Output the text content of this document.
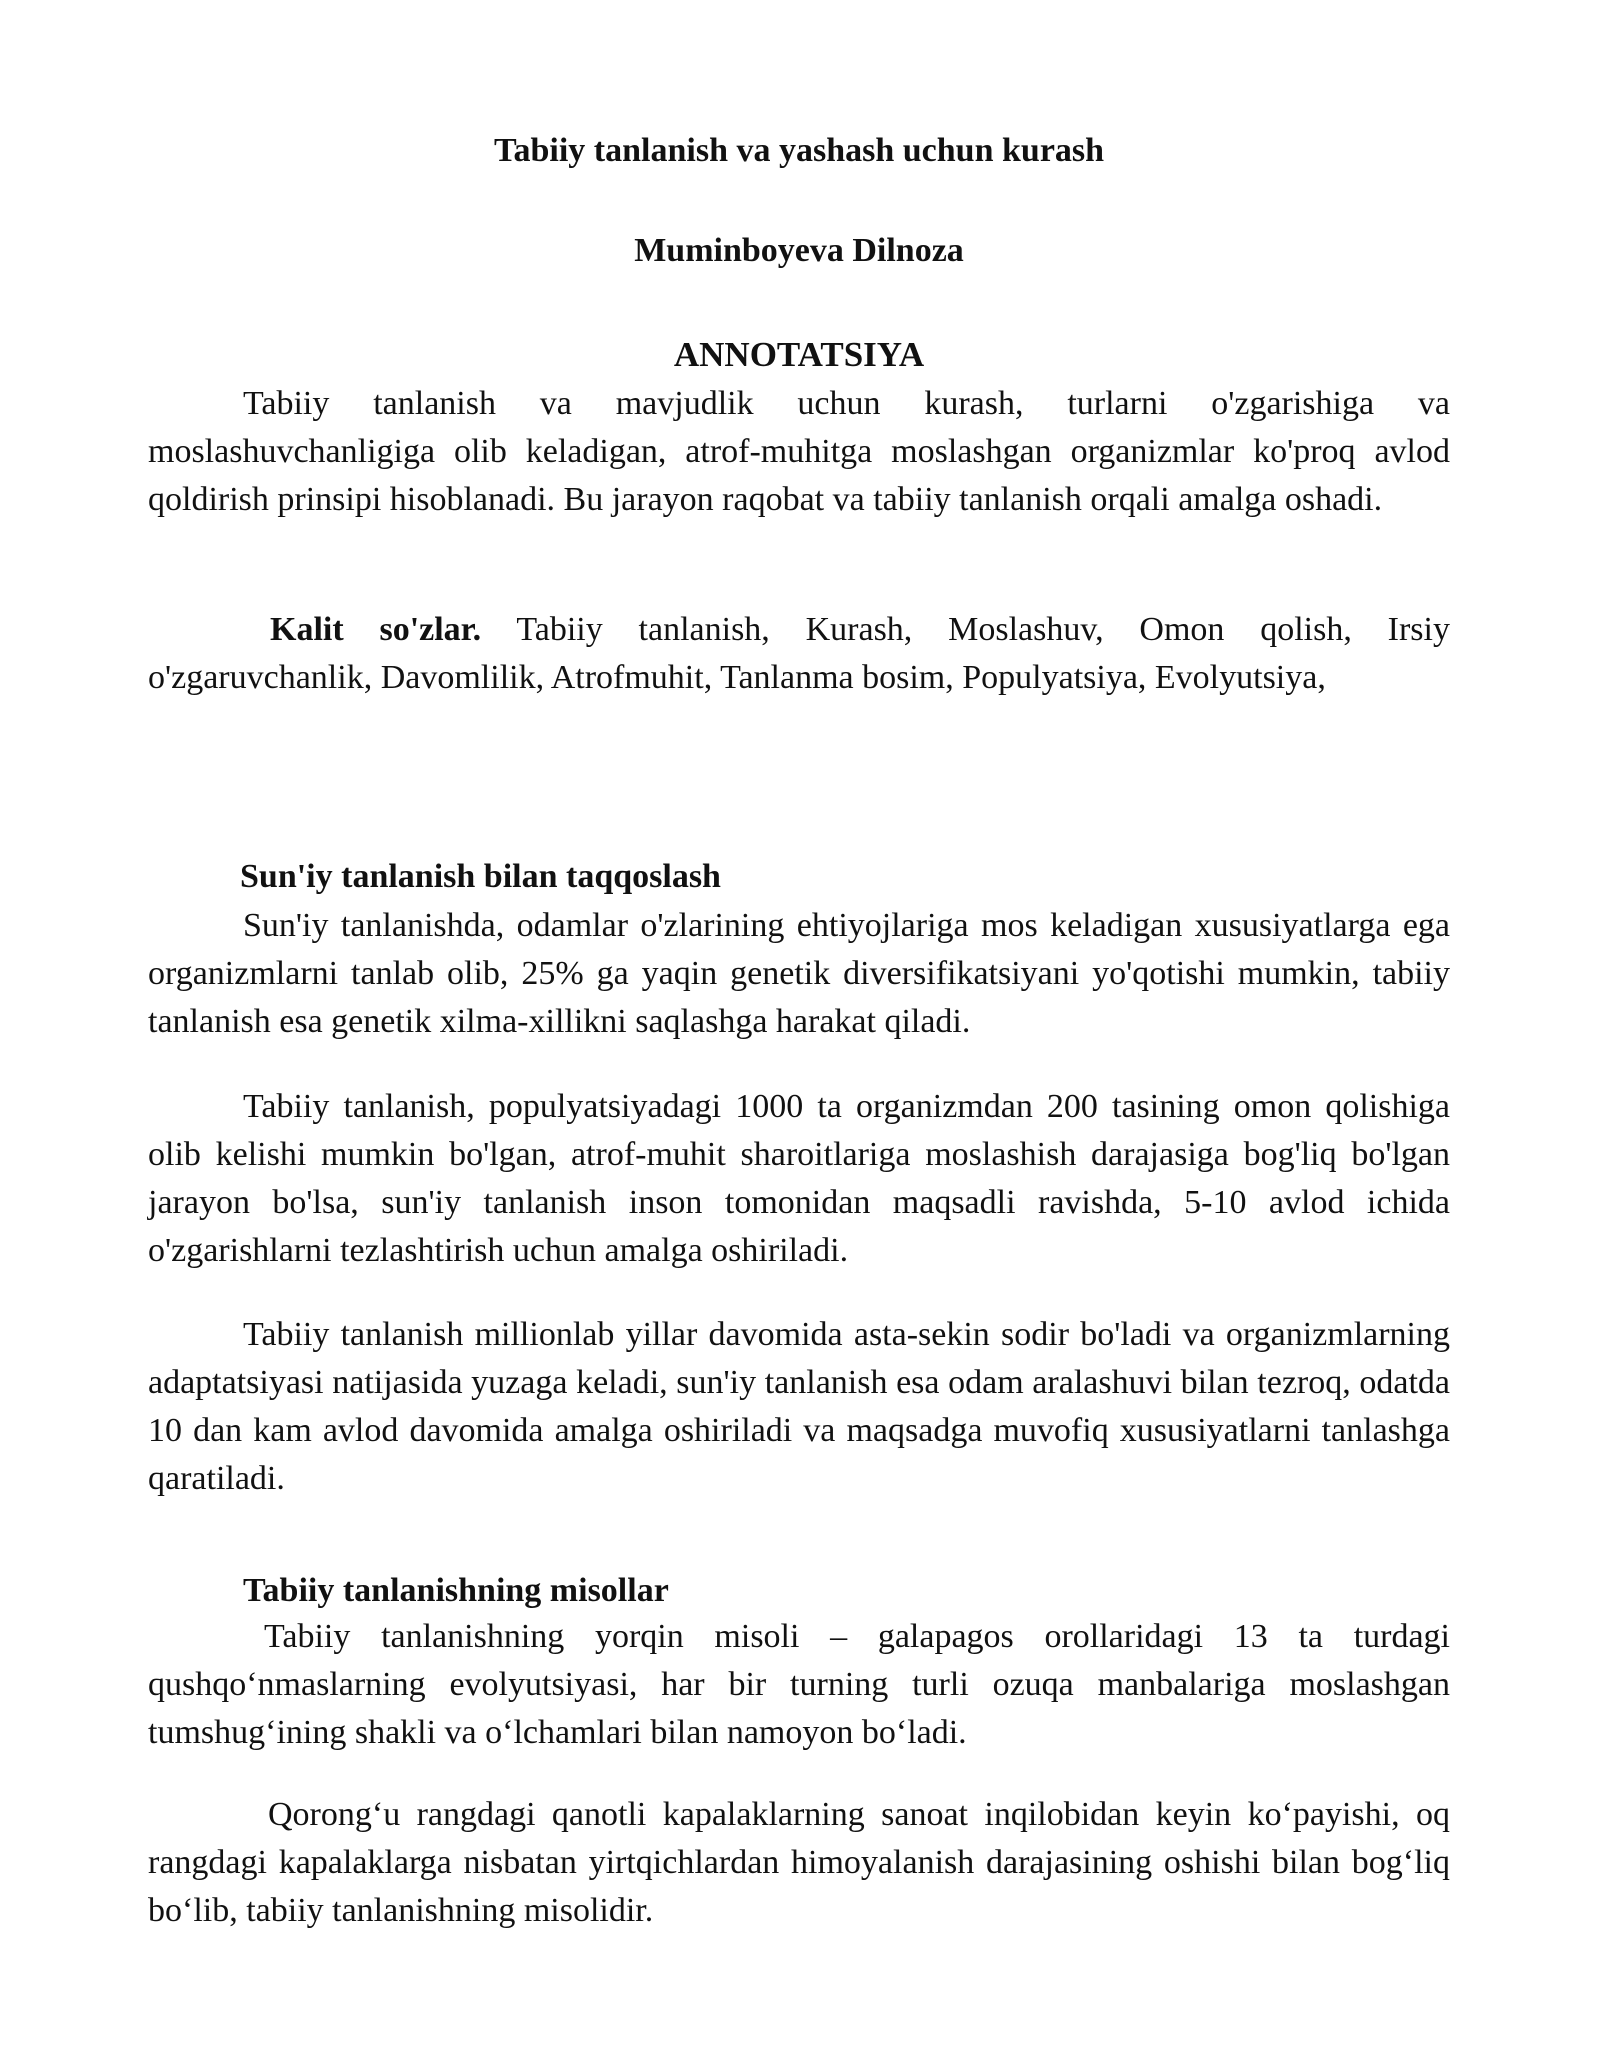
Tabiiy tanlanish va yashash uchun kurash
Muminboyeva Dilnoza
ANNOTATSIYA
Tabiiy tanlanish va mavjudlik uchun kurash, turlarni o'zgarishiga va moslashuvchanligiga olib keladigan, atrof-muhitga moslashgan organizmlar ko'proq avlod qoldirish prinsipi hisoblanadi. Bu jarayon raqobat va tabiiy tanlanish orqali amalga oshadi.
Kalit so'zlar. Tabiiy tanlanish, Kurash, Moslashuv, Omon qolish, Irsiy o'zgaruvchanlik, Davomlilik, Atrofmuhit, Tanlanma bosim, Populyatsiya, Evolyutsiya,
Sun'iy tanlanish bilan taqqoslash
Sun'iy tanlanishda, odamlar o'zlarining ehtiyojlariga mos keladigan xususiyatlarga ega organizmlarni tanlab olib, 25% ga yaqin genetik diversifikatsiyani yo'qotishi mumkin, tabiiy tanlanish esa genetik xilma-xillikni saqlashga harakat qiladi.
Tabiiy tanlanish, populyatsiyadagi 1000 ta organizmdan 200 tasining omon qolishiga olib kelishi mumkin bo'lgan, atrof-muhit sharoitlariga moslashish darajasiga bog'liq bo'lgan jarayon bo'lsa, sun'iy tanlanish inson tomonidan maqsadli ravishda, 5-10 avlod ichida o'zgarishlarni tezlashtirish uchun amalga oshiriladi.
Tabiiy tanlanish millionlab yillar davomida asta-sekin sodir bo'ladi va organizmlarning adaptatsiyasi natijasida yuzaga keladi, sun'iy tanlanish esa odam aralashuvi bilan tezroq, odatda 10 dan kam avlod davomida amalga oshiriladi va maqsadga muvofiq xususiyatlarni tanlashga qaratiladi.
Tabiiy tanlanishning misollar
Tabiiy tanlanishning yorqin misoli – galapagos orollaridagi 13 ta turdagi qushqo‘nmaslarning evolyutsiyasi, har bir turning turli ozuqa manbalariga moslashgan tumshug‘ining shakli va o‘lchamlari bilan namoyon bo‘ladi.
Qorong‘u rangdagi qanotli kapalaklarning sanoat inqilobidan keyin ko‘payishi, oq rangdagi kapalaklarga nisbatan yirtqichlardan himoyalanish darajasining oshishi bilan bog‘liq bo‘lib, tabiiy tanlanishning misolidir.
